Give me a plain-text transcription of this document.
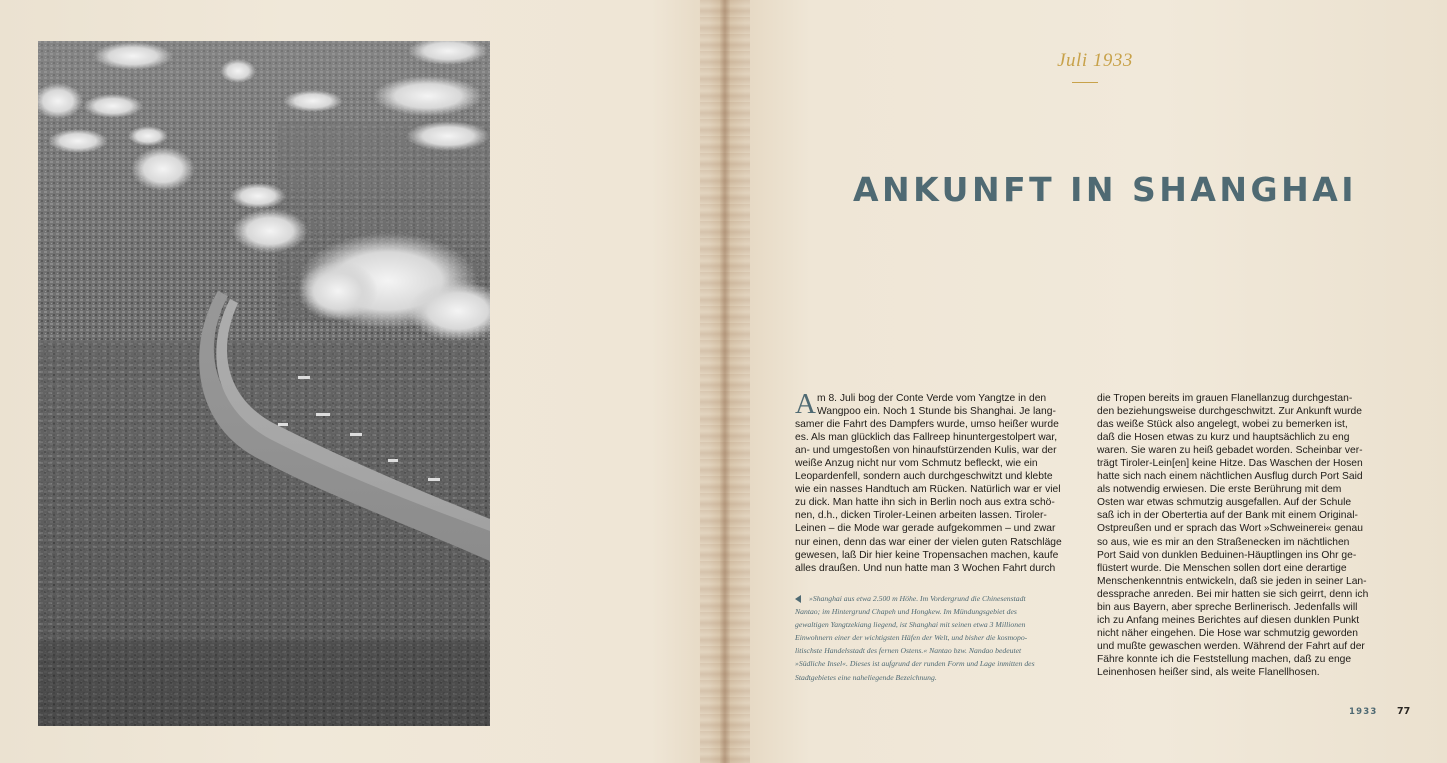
Juli 1933
ANKUNFT IN SHANGHAI
A m 8. Juli bog der Conte Verde vom Yangtze in den
Wangpoo ein. Noch 1 Stunde bis Shanghai. Je lang-
samer die Fahrt des Dampfers wurde, umso heißer wurde
es. Als man glücklich das Fallreep hinuntergestolpert war,
an- und umgestoßen von hinaufstürzenden Kulis, war der
weiße Anzug nicht nur vom Schmutz befleckt, wie ein
Leopardenfell, sondern auch durchgeschwitzt und klebte
wie ein nasses Handtuch am Rücken. Natürlich war er viel
zu dick. Man hatte ihn sich in Berlin noch aus extra schö-
nen, d.h., dicken Tiroler-Leinen arbeiten lassen. Tiroler-
Leinen – die Mode war gerade aufgekommen – und zwar
nur einen, denn das war einer der vielen guten Ratschläge
gewesen, laß Dir hier keine Tropensachen machen, kaufe
alles draußen. Und nun hatte man 3 Wochen Fahrt durch
die Tropen bereits im grauen Flanellanzug durchgestan-
den beziehungsweise durchgeschwitzt. Zur Ankunft wurde
das weiße Stück also angelegt, wobei zu bemerken ist,
daß die Hosen etwas zu kurz und hauptsächlich zu eng
waren. Sie waren zu heiß gebadet worden. Scheinbar ver-
trägt Tiroler-Lein[en] keine Hitze. Das Waschen der Hosen
hatte sich nach einem nächtlichen Ausflug durch Port Said
als notwendig erwiesen. Die erste Berührung mit dem
Osten war etwas schmutzig ausgefallen. Auf der Schule
saß ich in der Obertertia auf der Bank mit einem Original-
Ostpreußen und er sprach das Wort »Schweinerei« genau
so aus, wie es mir an den Straßenecken im nächtlichen
Port Said von dunklen Beduinen-Häuptlingen ins Ohr ge-
flüstert wurde. Die Menschen sollen dort eine derartige
Menschenkenntnis entwickeln, daß sie jeden in seiner Lan-
dessprache anreden. Bei mir hatten sie sich geirrt, denn ich
bin aus Bayern, aber spreche Berlinerisch. Jedenfalls will
ich zu Anfang meines Berichtes auf diesen dunklen Punkt
nicht näher eingehen. Die Hose war schmutzig geworden
und mußte gewaschen werden. Während der Fahrt auf der
Fähre konnte ich die Feststellung machen, daß zu enge
Leinenhosen heißer sind, als weite Flanellhosen.
»Shanghai aus etwa 2.500 m Höhe. Im Vordergrund die Chinesenstadt
Nantao; im Hintergrund Chapeh und Hongkew. Im Mündungsgebiet des
gewaltigen Yangtzekiang liegend, ist Shanghai mit seinen etwa 3 Millionen
Einwohnern einer der wichtigsten Häfen der Welt, und bisher die kosmopo-
litischste Handelsstadt des fernen Ostens.« Nantao bzw. Nandao bedeutet
»Südliche Insel«. Dieses ist aufgrund der runden Form und Lage inmitten des
Stadtgebietes eine naheliegende Bezeichnung.
1933 77
